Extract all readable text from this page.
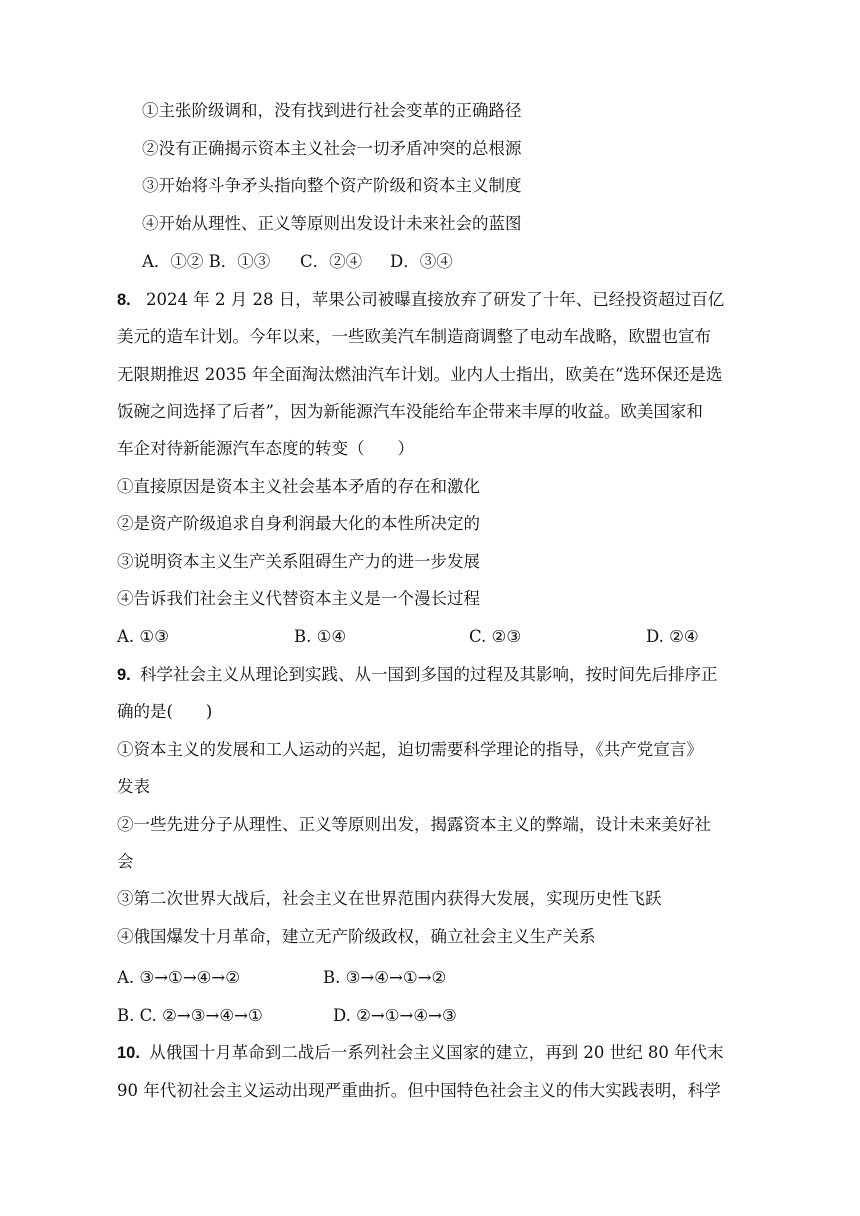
①主张阶级调和，没有找到进行社会变革的正确路径
②没有正确揭示资本主义社会一切矛盾冲突的总根源
③开始将斗争矛头指向整个资产阶级和资本主义制度
④开始从理性、正义等原则出发设计未来社会的蓝图
A．①② B．①③ C．②④ D．③④
8. 2024 年 2 月 28 日，苹果公司被曝直接放弃了研发了十年、已经投资超过百亿
美元的造车计划。今年以来，一些欧美汽车制造商调整了电动车战略，欧盟也宣布
无限期推迟 2035 年全面淘汰燃油汽车计划。业内人士指出，欧美在“选环保还是选
饭碗之间选择了后者”，因为新能源汽车没能给车企带来丰厚的收益。欧美国家和
车企对待新能源汽车态度的转变（　　）
①直接原因是资本主义社会基本矛盾的存在和激化
②是资产阶级追求自身利润最大化的本性所决定的
③说明资本主义生产关系阻碍生产力的进一步发展
④告诉我们社会主义代替资本主义是一个漫长过程
A. ①③	B. ①④	C. ②③	D. ②④
9. 科学社会主义从理论到实践、从一国到多国的过程及其影响，按时间先后排序正
确的是(　　)
①资本主义的发展和工人运动的兴起，迫切需要科学理论的指导，《共产党宣言》
发表
②一些先进分子从理性、正义等原则出发，揭露资本主义的弊端，设计未来美好社
会
③第二次世界大战后，社会主义在世界范围内获得大发展，实现历史性飞跃
④俄国爆发十月革命，建立无产阶级政权，确立社会主义生产关系
A. ③→①→④→②	B. ③→④→①→②
B. C. ②→③→④→①	D. ②→①→④→③
10. 从俄国十月革命到二战后一系列社会主义国家的建立，再到 20 世纪 80 年代末
90 年代初社会主义运动出现严重曲折。但中国特色社会主义的伟大实践表明，科学
